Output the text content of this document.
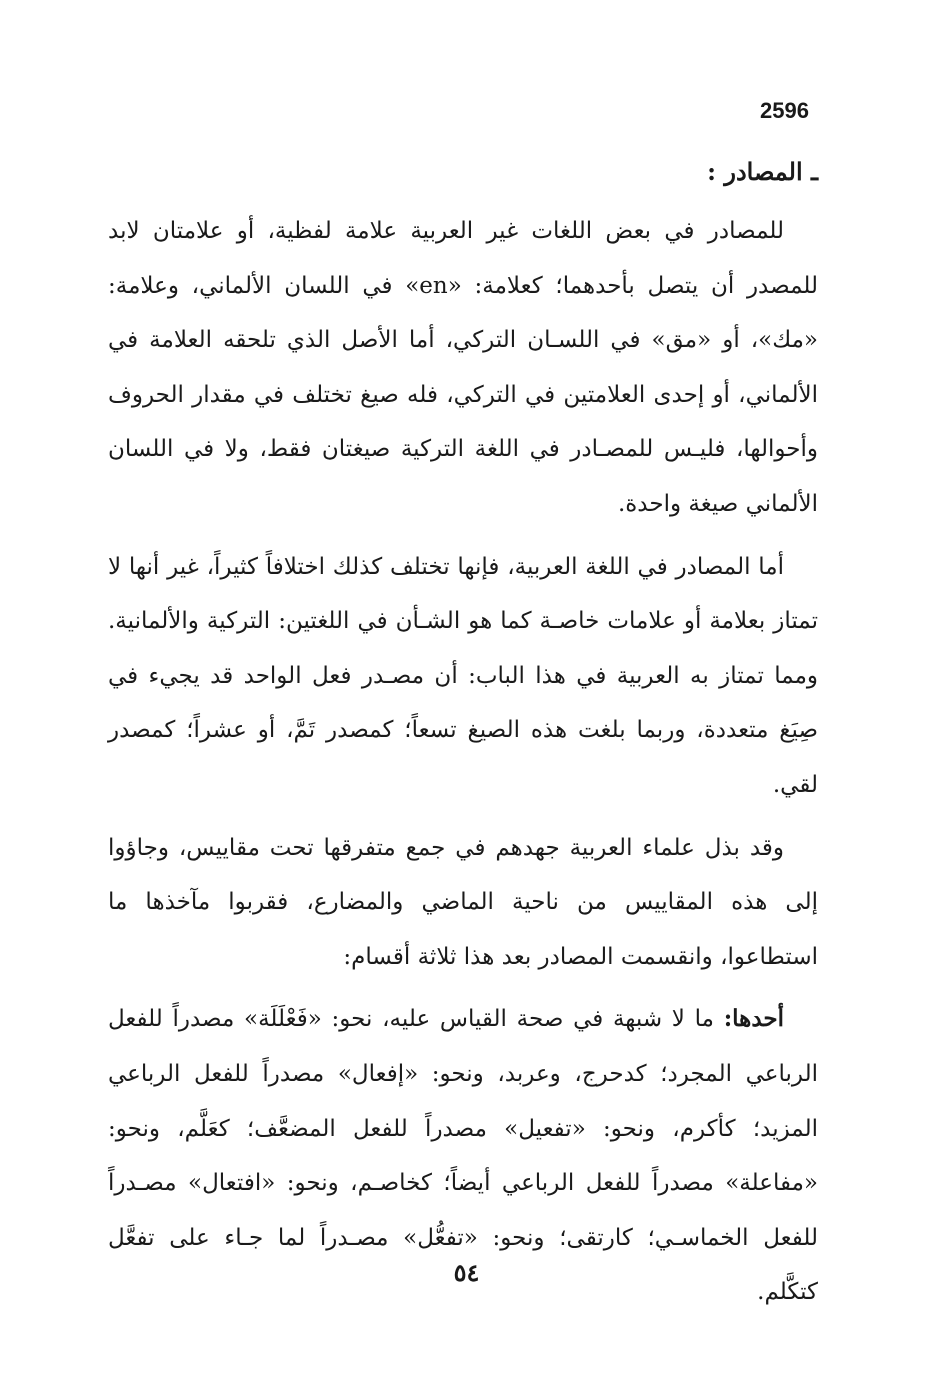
2596
ـ المصادر :

للمصادر في بعض اللغات غير العربية علامة لفظية، أو علامتان لابد للمصدر أن يتصل بأحدهما؛ كعلامة: «en» في اللسان الألماني، وعلامة: «مك»، أو «مق» في اللسـان التركي، أما الأصل الذي تلحقه العلامة في الألماني، أو إحدى العلامتين في التركي، فله صيغ تختلف في مقدار الحروف وأحوالها، فليـس للمصـادر في اللغة التركية صيغتان فقط، ولا في اللسان الألماني صيغة واحدة.

أما المصادر في اللغة العربية، فإنها تختلف كذلك اختلافاً كثيراً، غير أنها لا تمتاز بعلامة أو علامات خاصـة كما هو الشـأن في اللغتين: التركية والألمانية. ومما تمتاز به العربية في هذا الباب: أن مصـدر فعل الواحد قد يجيء في صِيَغ متعددة، وربما بلغت هذه الصيغ تسعاً؛ كمصدر تَمَّ، أو عشراً؛ كمصدر لقي.

وقد بذل علماء العربية جهدهم في جمع متفرقها تحت مقاييس، وجاؤوا إلى هذه المقاييس من ناحية الماضي والمضارع، فقربوا مآخذها ما استطاعوا، وانقسمت المصادر بعد هذا ثلاثة أقسام:

أحدها: ما لا شبهة في صحة القياس عليه، نحو: «فَعْلَلَة» مصدراً للفعل الرباعي المجرد؛ كدحرج، وعربد، ونحو: «إفعال» مصدراً للفعل الرباعي المزيد؛ كأكرم، ونحو: «تفعيل» مصدراً للفعل المضعَّف؛ كعَلَّم، ونحو: «مفاعلة» مصدراً للفعل الرباعي أيضاً؛ كخاصـم، ونحو: «افتعال» مصـدراً للفعل الخماسـي؛ كارتقى؛ ونحو: «تفعُّل» مصـدراً لما جـاء على تفعَّل كتكَّلم.

٥٤
